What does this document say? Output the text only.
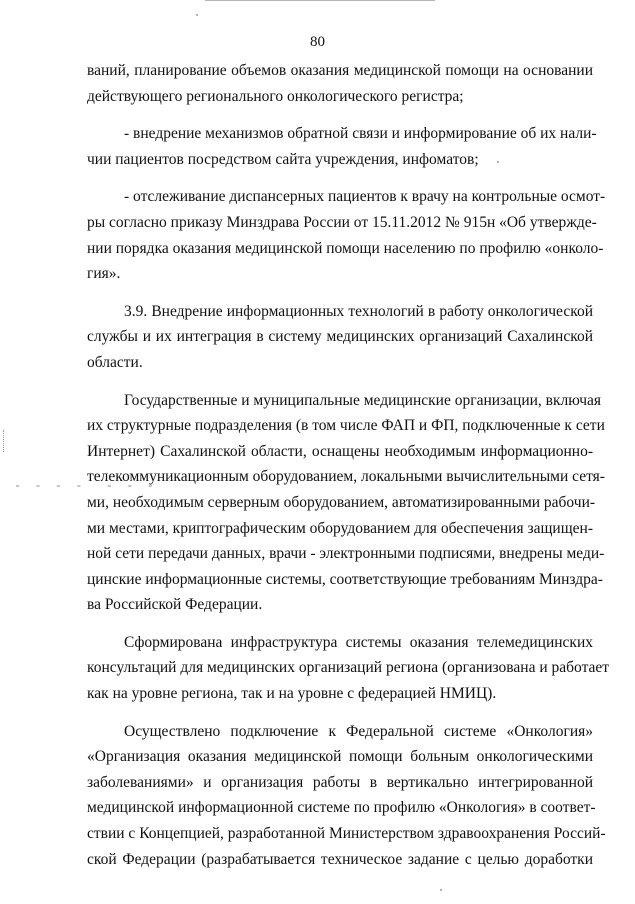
- - - -  - - -
80
ваний, планирование объемов оказания медицинской помощи на основании
действующего регионального онкологического регистра;
- внедрение механизмов обратной связи и информирование об их нали-
чии пациентов посредством сайта учреждения, инфоматов;
- отслеживание диспансерных пациентов к врачу на контрольные осмот-
ры согласно приказу Минздрава России от 15.11.2012 № 915н «Об утвержде-
нии порядка оказания медицинской помощи населению по профилю «онколо-
гия».
3.9. Внедрение информационных технологий в работу онкологической
службы и их интеграция в систему медицинских организаций Сахалинской
области.
Государственные и муниципальные медицинские организации, включая
их структурные подразделения (в том числе ФАП и ФП, подключенные к сети
Интернет) Сахалинской области, оснащены необходимым информационно-
телекоммуникационным оборудованием, локальными вычислительными сетя-
ми, необходимым серверным оборудованием, автоматизированными рабочи-
ми местами, криптографическим оборудованием для обеспечения защищен-
ной сети передачи данных, врачи - электронными подписями, внедрены меди-
цинские информационные системы, соответствующие требованиям Минздра-
ва Российской Федерации.
Сформирована инфраструктура системы оказания телемедицинских
консультаций для медицинских организаций региона (организована и работает
как на уровне региона, так и на уровне с федерацией НМИЦ).
Осуществлено подключение к Федеральной системе «Онкология»
«Организация оказания медицинской помощи больным онкологическими
заболеваниями» и организация работы в вертикально интегрированной
медицинской информационной системе по профилю «Онкология» в соответ-
ствии с Концепцией, разработанной Министерством здравоохранения Россий-
ской Федерации (разрабатывается техническое задание с целью доработки
